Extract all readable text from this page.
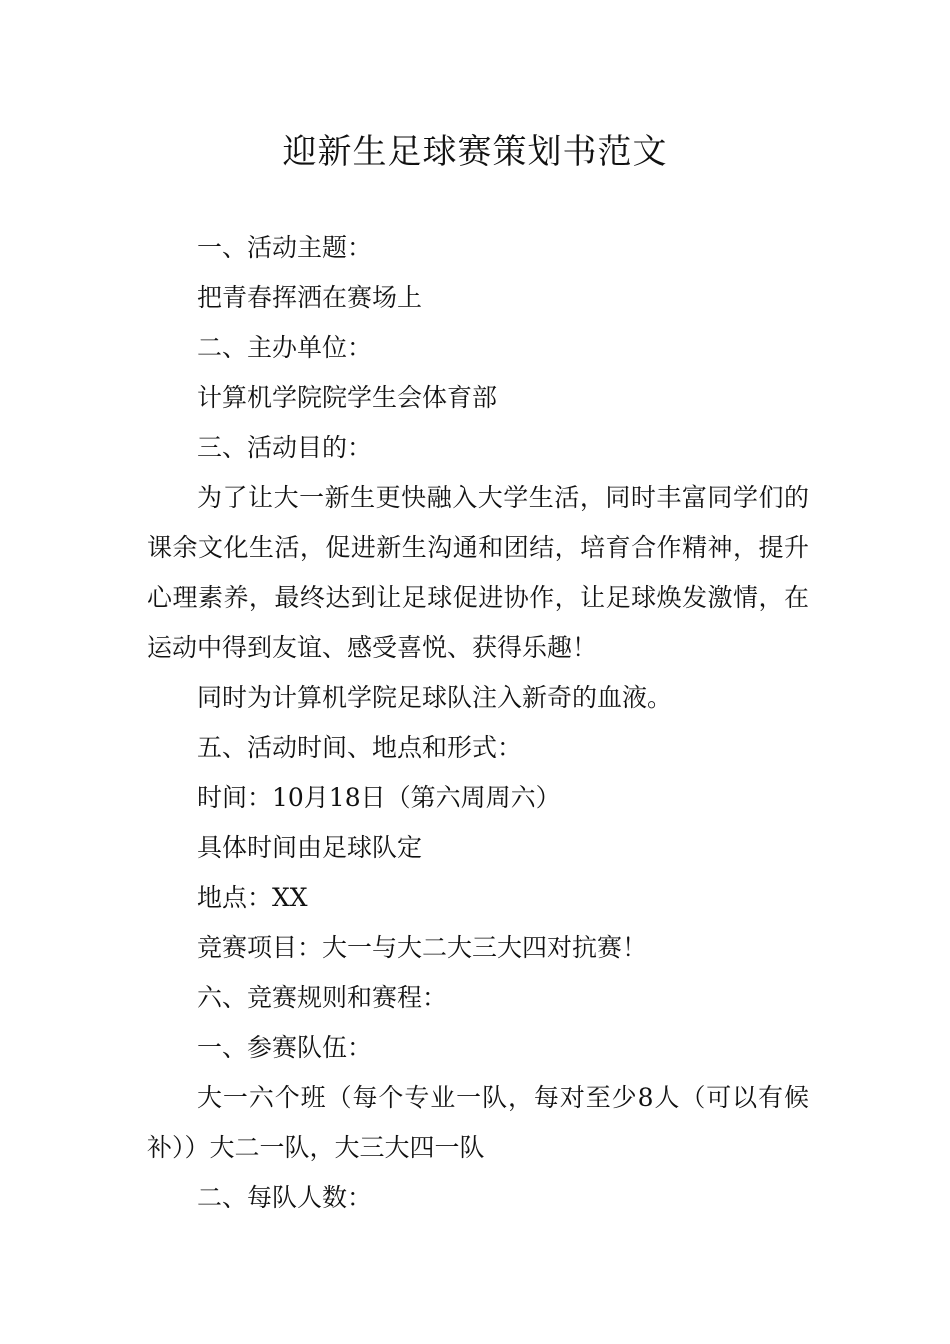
迎新生足球赛策划书范文

一、活动主题：

把青春挥洒在赛场上

二、主办单位：

计算机学院院学生会体育部

三、活动目的：

为了让大一新生更快融入大学生活，同时丰富同学们的课余文化生活，促进新生沟通和团结，培育合作精神，提升心理素养，最终达到让足球促进协作，让足球焕发激情，在运动中得到友谊、感受喜悦、获得乐趣！

同时为计算机学院足球队注入新奇的血液。

五、活动时间、地点和形式：

时间：10月18日（第六周周六）

具体时间由足球队定

地点：XX

竞赛项目：大一与大二大三大四对抗赛！

六、竞赛规则和赛程：

一、参赛队伍：

大一六个班（每个专业一队，每对至少8人（可以有候补））大二一队，大三大四一队

二、每队人数：
